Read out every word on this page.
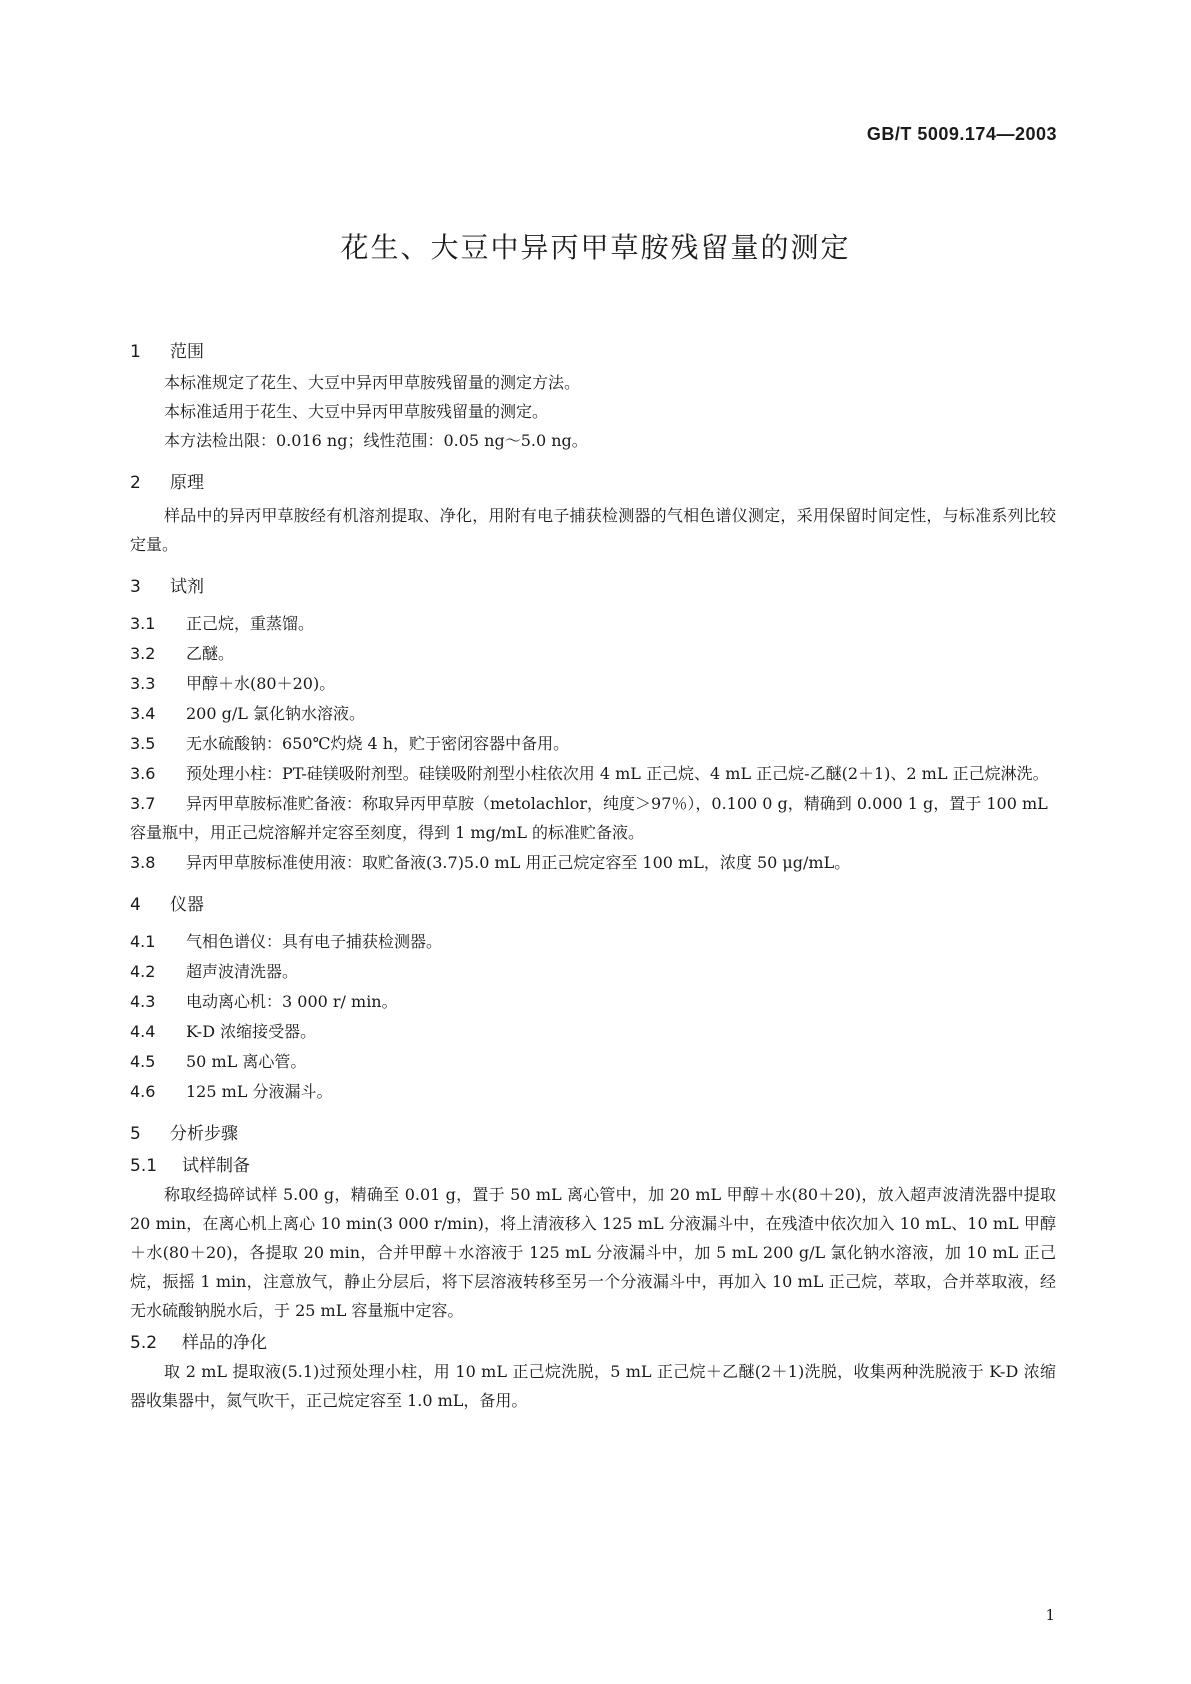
GB/T 5009.174—2003
花生、大豆中异丙甲草胺残留量的测定
1 范围

本标准规定了花生、大豆中异丙甲草胺残留量的测定方法。

本标准适用于花生、大豆中异丙甲草胺残留量的测定。

本方法检出限：0.016 ng；线性范围：0.05 ng～5.0 ng。

2 原理

样品中的异丙甲草胺经有机溶剂提取、净化，用附有电子捕获检测器的气相色谱仪测定，采用保留时间定性，与标准系列比较定量。

3 试剂
3.1	正己烷，重蒸馏。
3.2	乙醚。
3.3	甲醇＋水(80＋20)。
3.4	200 g/L 氯化钠水溶液。
3.5	无水硫酸钠：650℃灼烧 4 h，贮于密闭容器中备用。
3.6 预处理小柱：PT-硅镁吸附剂型。硅镁吸附剂型小柱依次用 4 mL 正己烷、4 mL 正己烷-乙醚(2＋1)、2 mL 正己烷淋洗。
3.7 异丙甲草胺标准贮备液：称取异丙甲草胺（metolachlor，纯度＞97％），0.100 0 g，精确到 0.000 1 g，置于 100 mL 容量瓶中，用正己烷溶解并定容至刻度，得到 1 mg/mL 的标准贮备液。
3.8	异丙甲草胺标准使用液：取贮备液(3.7)5.0 mL 用正己烷定容至 100 mL，浓度 50 μg/mL。
4 仪器
4.1	气相色谱仪：具有电子捕获检测器。
4.2	超声波清洗器。
4.3	电动离心机：3 000 r/ min。
4.4	K-D 浓缩接受器。
4.5	50 mL 离心管。
4.6	125 mL 分液漏斗。
5 分析步骤
5.1 试样制备

称取经捣碎试样 5.00 g，精确至 0.01 g，置于 50 mL 离心管中，加 20 mL 甲醇＋水(80＋20)，放入超声波清洗器中提取 20 min，在离心机上离心 10 min(3 000 r/min)，将上清液移入 125 mL 分液漏斗中，在残渣中依次加入 10 mL、10 mL 甲醇＋水(80＋20)，各提取 20 min，合并甲醇＋水溶液于 125 mL 分液漏斗中，加 5 mL 200 g/L 氯化钠水溶液，加 10 mL 正己烷，振摇 1 min，注意放气，静止分层后，将下层溶液转移至另一个分液漏斗中，再加入 10 mL 正己烷，萃取，合并萃取液，经无水硫酸钠脱水后，于 25 mL 容量瓶中定容。

5.2 样品的净化

取 2 mL 提取液(5.1)过预处理小柱，用 10 mL 正己烷洗脱，5 mL 正己烷＋乙醚(2＋1)洗脱，收集两种洗脱液于 K-D 浓缩器收集器中，氮气吹干，正己烷定容至 1.0 mL，备用。

1
